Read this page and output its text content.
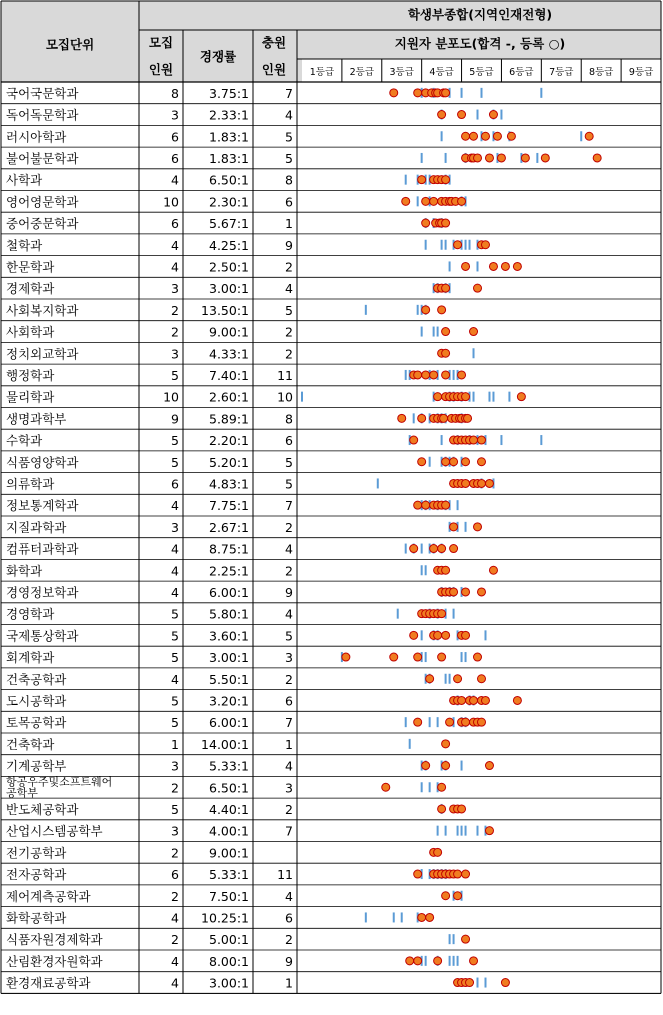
학생부종합(지역인재전형)
모집단위	모집
인원
경쟁률
충원
인원
지원자 분포도(합격 -, 등록 ○)
1등급 2등급 3등급 4등급 5등급 6등급 7등급 8등급 9등급
국어국문학과	8 3.75:1	7
독어독문학과	3 2.33:1	4
러시아학과	6 1.83:1	5
불어불문학과	6 1.83:1	5
사학과	4 6.50:1	8
영어영문학과	10 2.30:1	6
중어중문학과	6 5.67:1	1
철학과	4 4.25:1	9
한문학과	4 2.50:1	2
경제학과	3 3.00:1	4
사회복지학과	2 13.50:1	5
사회학과	2 9.00:1	2
정치외교학과	3 4.33:1	2
행정학과	5 7.40:1 11
물리학과	10 2.60:1 10
생명과학부	9 5.89:1	8
수학과	5 2.20:1	6
식품영양학과	5 5.20:1	5
의류학과	6 4.83:1	5
정보통계학과	4 7.75:1	7
지질과학과	3 2.67:1	2
컴퓨터과학과	4 8.75:1	4
화학과	4 2.25:1	2
경영정보학과	4 6.00:1	9
경영학과	5 5.80:1	4
국제통상학과	5 3.60:1	5
회계학과	5 3.00:1	3
건축공학과	4 5.50:1	2
도시공학과	5 3.20:1	6
토목공학과	5 6.00:1	7
건축학과	1 14.00:1	1
기계공학부	3 5.33:1	4
항공우주및소프트웨어
공학부	2 6.50:1	3
반도체공학과	5 4.40:1	2
산업시스템공학부	3 4.00:1	7
전기공학과	2 9.00:1
전자공학과	6 5.33:1 11
제어계측공학과	2 7.50:1	4
화학공학과	4 10.25:1	6
식품자원경제학과	2 5.00:1	2
산림환경자원학과	4 8.00:1	9
환경재료공학과	4 3.00:1	1
